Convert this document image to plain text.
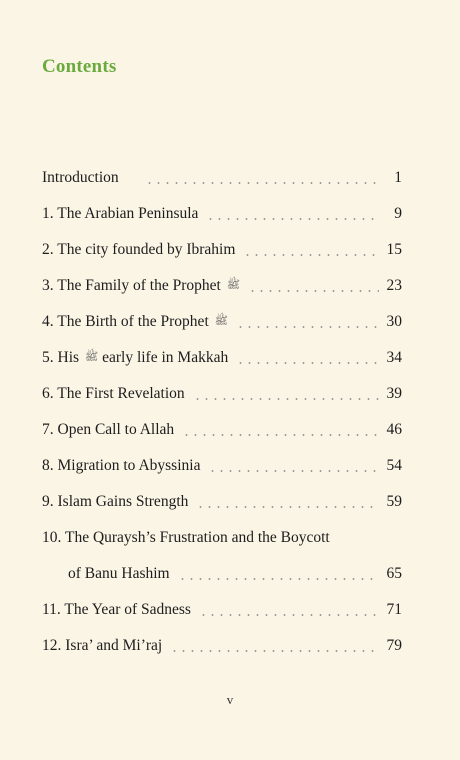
Contents
Introduction	1
1. The Arabian Peninsula	9
2. The city founded by Ibrahim	15
3. The Family of the Prophet ﷺ	23
4. The Birth of the Prophet ﷺ	30
5. His ﷺ early life in Makkah	34
6. The First Revelation	39
7. Open Call to Allah	46
8. Migration to Abyssinia	54
9. Islam Gains Strength	59
10. The Quraysh’s Frustration and the Boycott
of Banu Hashim	65
11. The Year of Sadness	71
12. Isra’ and Mi’raj	79
v
